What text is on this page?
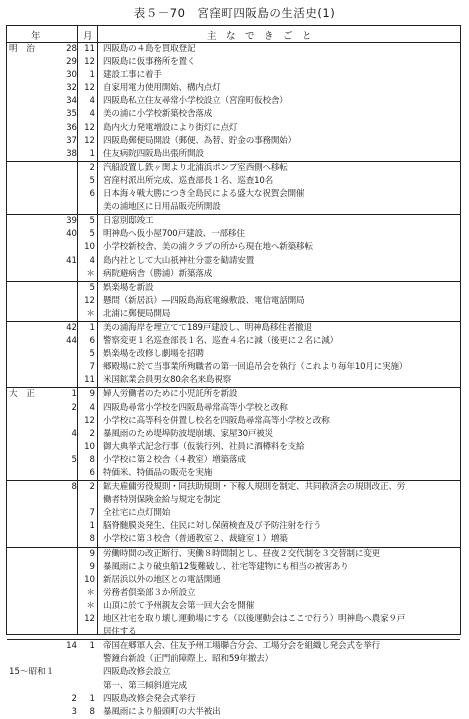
表５－70　宮窪町四阪島の生活史(1)
年	月	主　な　で　き　ご　と
明　治	28 11 四阪島の４島を買取登記
29 12 四阪島に仮事務所を置く
30	1 建設工事に着手
32 12 自家用電力使用開始、構内点灯
34	4 四阪島私立住友尋常小学校設立（宮窪町仮校舎）
35	4 美の浦に小学校新築校舎落成
36 12 島内火力発電増設により街灯に点灯
37 12 四阪島郵便局開設（郵便、為替、貯金の事務開始）
38	1 住友病院四阪島出張所開設
2 汽船設置し鉄ヶ関より北浦浜ポンプ室西側へ移転
5 宮窪村派出所完成、巡査部長１名、巡査10名
6 日本海々戦大勝につき全島民による盛大な祝賀会開催
美の浦地区に日用品販売所開設
39	5 日窓別邸竣工
40	5 明神島へ仮小屋700戸建設、一部移住
10 小学校新校舎、美の浦クラブの所から現在地へ新築移転
41	4 島内社として大山祇神社分霊を勧請安置
＊ 病院避病舎（勝浦）新築落成
5 娯楽場を新設
12 懸問（新居浜）―四阪島海底電線敷設、電信電話開局
＊ 北浦に郵便局開局
42	1 美の浦海岸を埋立てて189戸建設し、明神島移住者撤退
44	6 警察変更１名巡査部長１名、巡査４名に減（後更に２名に減）
5 娯楽場を改修し劇場を招聘
7 郷殿場に於て当事業所殉職者の第一回追吊会を執行（これより毎年10月に実施）
11 米国鉱業会員男女80余名来島視察
大　正	1	9 婦人労働者のために小児託所を新設
2	4 四阪島尋常小学校を四阪島尋常高等小学校と改称
12 小学校に高等科を併置し校名を四阪島尋常高等小学校と改称
4	2 暴風雨のため堤埠防波堤崩壊、家屋30戸被災
10 御大典挙式記念行事（仮装行列、社員に酒樽料を支給
5	8 小学校に第２校舎（４教室）増築落成
6 特価米、特価品の販売を実施
8	2 鉱夫雇傭労役規則・同扶助規則・下稼人規則を制定、共同救済会の規則改正、労
働者特別保険金給与規定を制定
7 全社宅に点灯開始
1 脳脊髄膜炎発生、住民に対し保菌検査及び予防注射を行う
8 小学校に第３校舎（普通教室２、裁縫室１）増築
9 労働時間の改正断行、実働８時間制とし、昼夜２交代制を３交替制に変更
9 暴風雨により破虫船12隻難破し、社宅等建物にも相当の被害あり
10 新居浜以外の地区との電話開通
＊ 労務者倶楽部３か所設立
＊ 山頂に於て予州親友会第一回大会を開催
12 地区社宅を取り壊し運動場にする（以後運動会はここで行う）明神島へ農家９戸
居住する
14	1 帝国在郷軍人会、住友予州工場聯合分会、工場分会を組織し発会式を挙行
警鐘台新設（正門前障際上、昭和59年撤去）
15～昭和１	四阪島改修会設立
第一、第三傾斜道完成
2	1 四阪島改修会発会式挙行
3	8 暴風雨により船頭町の大半被出
